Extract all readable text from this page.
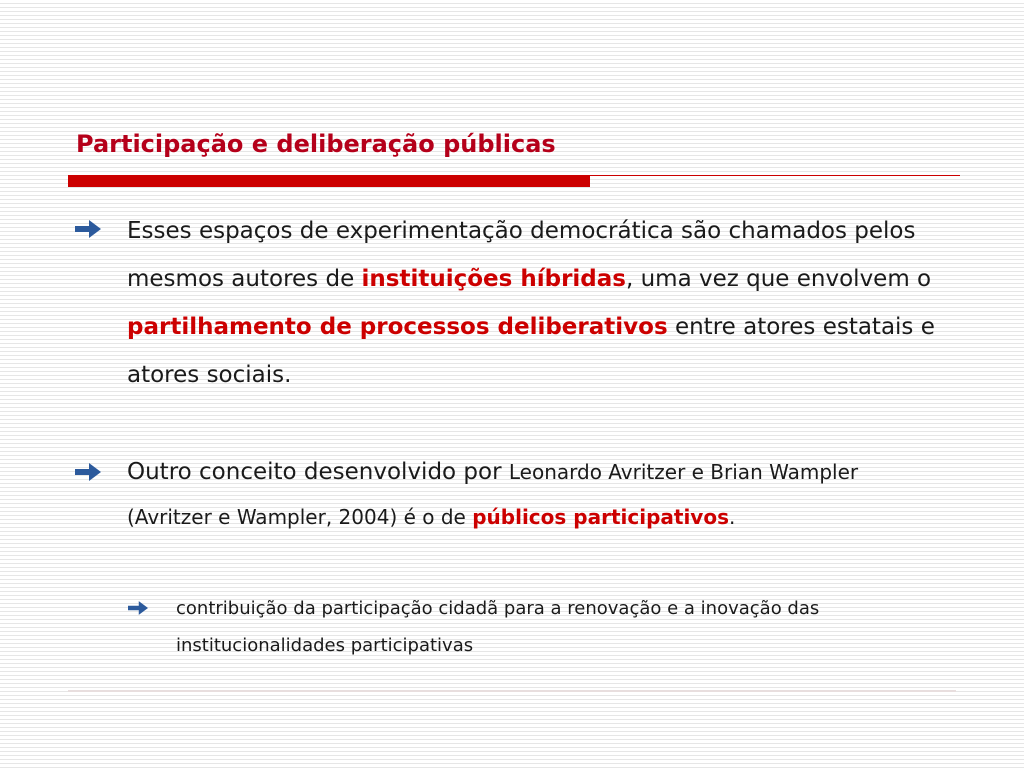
Participação e deliberação públicas
Esses espaços de experimentação democrática são chamados pelos mesmos autores de instituições híbridas, uma vez que envolvem o partilhamento de processos deliberativos entre atores estatais e atores sociais.
Outro conceito desenvolvido por Leonardo Avritzer e Brian Wampler (Avritzer e Wampler, 2004) é o de públicos participativos.
contribuição da participação cidadã para a renovação e a inovação das institucionalidades participativas
